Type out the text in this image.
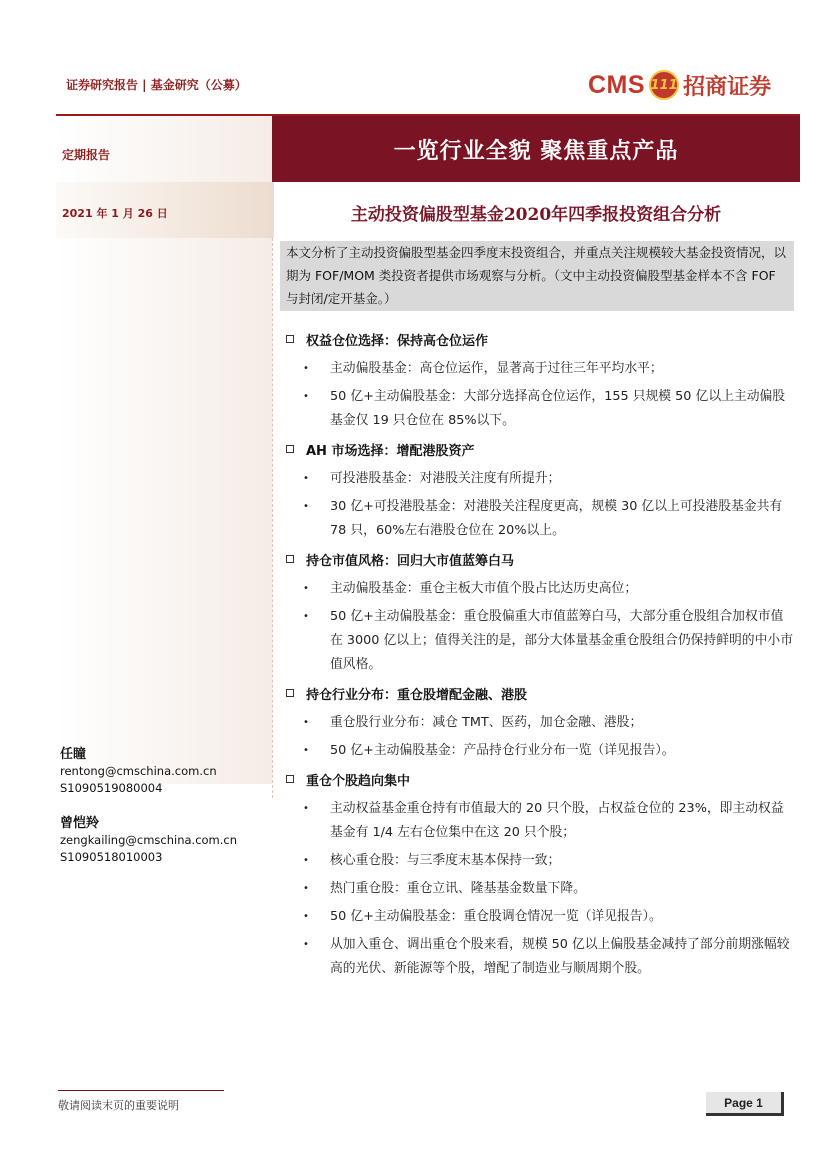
证券研究报告 | 基金研究（公募）	CMS 111 招商证券
定期报告
2021 年 1 月 26 日
一览行业全貌 聚焦重点产品
主动投资偏股型基金2020年四季报投资组合分析
本文分析了主动投资偏股型基金四季度末投资组合，并重点关注规模较大基金投资情况，以期为 FOF/MOM 类投资者提供市场观察与分析。（文中主动投资偏股型基金样本不含 FOF 与封闭/定开基金。）
权益仓位选择：保持高仓位运作
•	主动偏股基金：高仓位运作，显著高于过往三年平均水平；
•	50 亿+主动偏股基金：大部分选择高仓位运作，155 只规模 50 亿以上主动偏股基金仅 19 只仓位在 85%以下。
AH 市场选择：增配港股资产
•	可投港股基金：对港股关注度有所提升；
•	30 亿+可投港股基金：对港股关注程度更高，规模 30 亿以上可投港股基金共有 78 只，60%左右港股仓位在 20%以上。
持仓市值风格：回归大市值蓝筹白马
•	主动偏股基金：重仓主板大市值个股占比达历史高位；
•	50 亿+主动偏股基金：重仓股偏重大市值蓝筹白马，大部分重仓股组合加权市值在 3000 亿以上；值得关注的是，部分大体量基金重仓股组合仍保持鲜明的中小市值风格。
持仓行业分布：重仓股增配金融、港股
•	重仓股行业分布：减仓 TMT、医药，加仓金融、港股；
•	50 亿+主动偏股基金：产品持仓行业分布一览（详见报告）。
重仓个股趋向集中
•	主动权益基金重仓持有市值最大的 20 只个股，占权益仓位的 23%，即主动权益基金有 1/4 左右仓位集中在这 20 只个股；
•	核心重仓股：与三季度末基本保持一致；
•	热门重仓股：重仓立讯、隆基基金数量下降。
•	50 亿+主动偏股基金：重仓股调仓情况一览（详见报告）。
•	从加入重仓、调出重仓个股来看，规模 50 亿以上偏股基金减持了部分前期涨幅较高的光伏、新能源等个股，增配了制造业与顺周期个股。
任瞳
rentong@cmschina.com.cn
S1090519080004
曾恺羚
zengkailing@cmschina.com.cn
S1090518010003
敬请阅读末页的重要说明	Page 1
